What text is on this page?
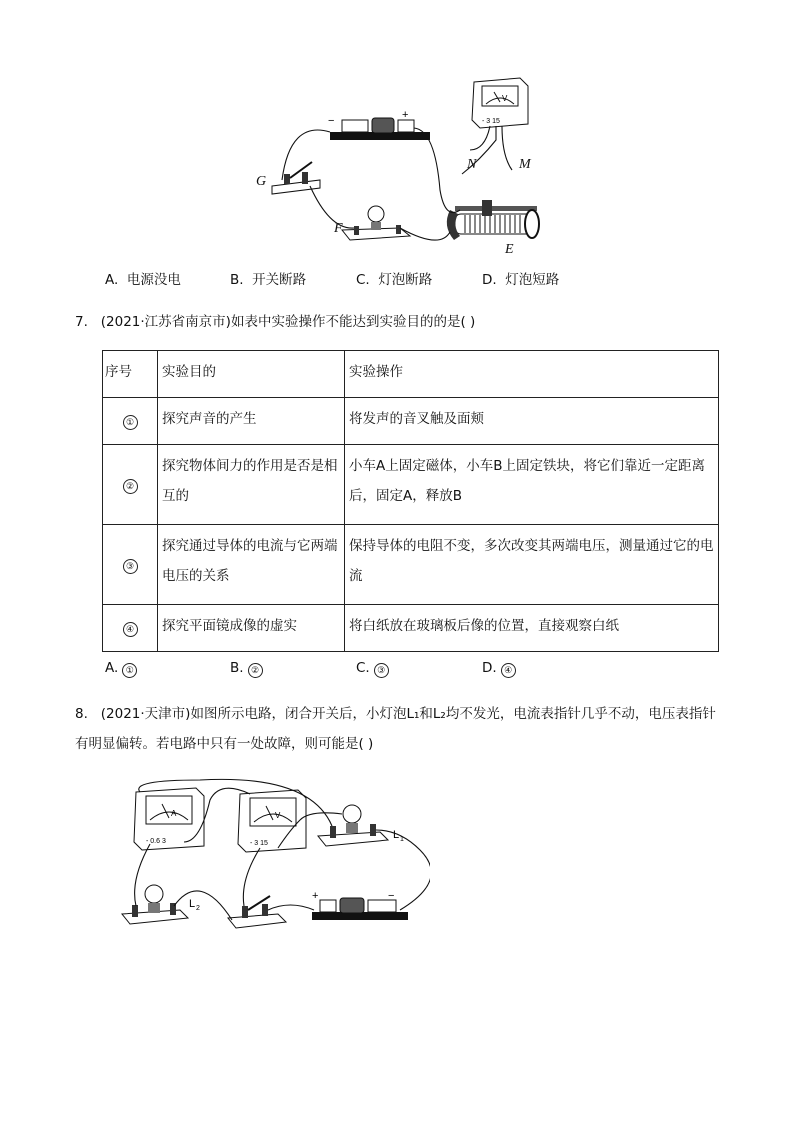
−	+
V
- 3 15
G
F
E
N	M
A. 电源没电	B. 开关断路	C. 灯泡断路	D. 灯泡短路
7. (2021·江苏省南京市)如表中实验操作不能达到实验目的的是( )
序号	实验目的	实验操作
①	探究声音的产生	将发声的音叉触及面颊
②	探究物体间力的作用是否是相互的	小车A上固定磁体，小车B上固定铁块，将它们靠近一定距离后，固定A，释放B
③	探究通过导体的电流与它两端电压的关系	保持导体的电阻不变，多次改变其两端电压，测量通过它的电流
④	探究平面镜成像的虚实	将白纸放在玻璃板后像的位置，直接观察白纸
A. ①	B. ②	C. ③	D. ④
8. (2021·天津市)如图所示电路，闭合开关后，小灯泡L₁和L₂均不发光，电流表指针几乎不动，电压表指针有明显偏转。若电路中只有一处故障，则可能是( )
A
- 0.6 3
V
- 3 15
L 1
L 2
+	−
